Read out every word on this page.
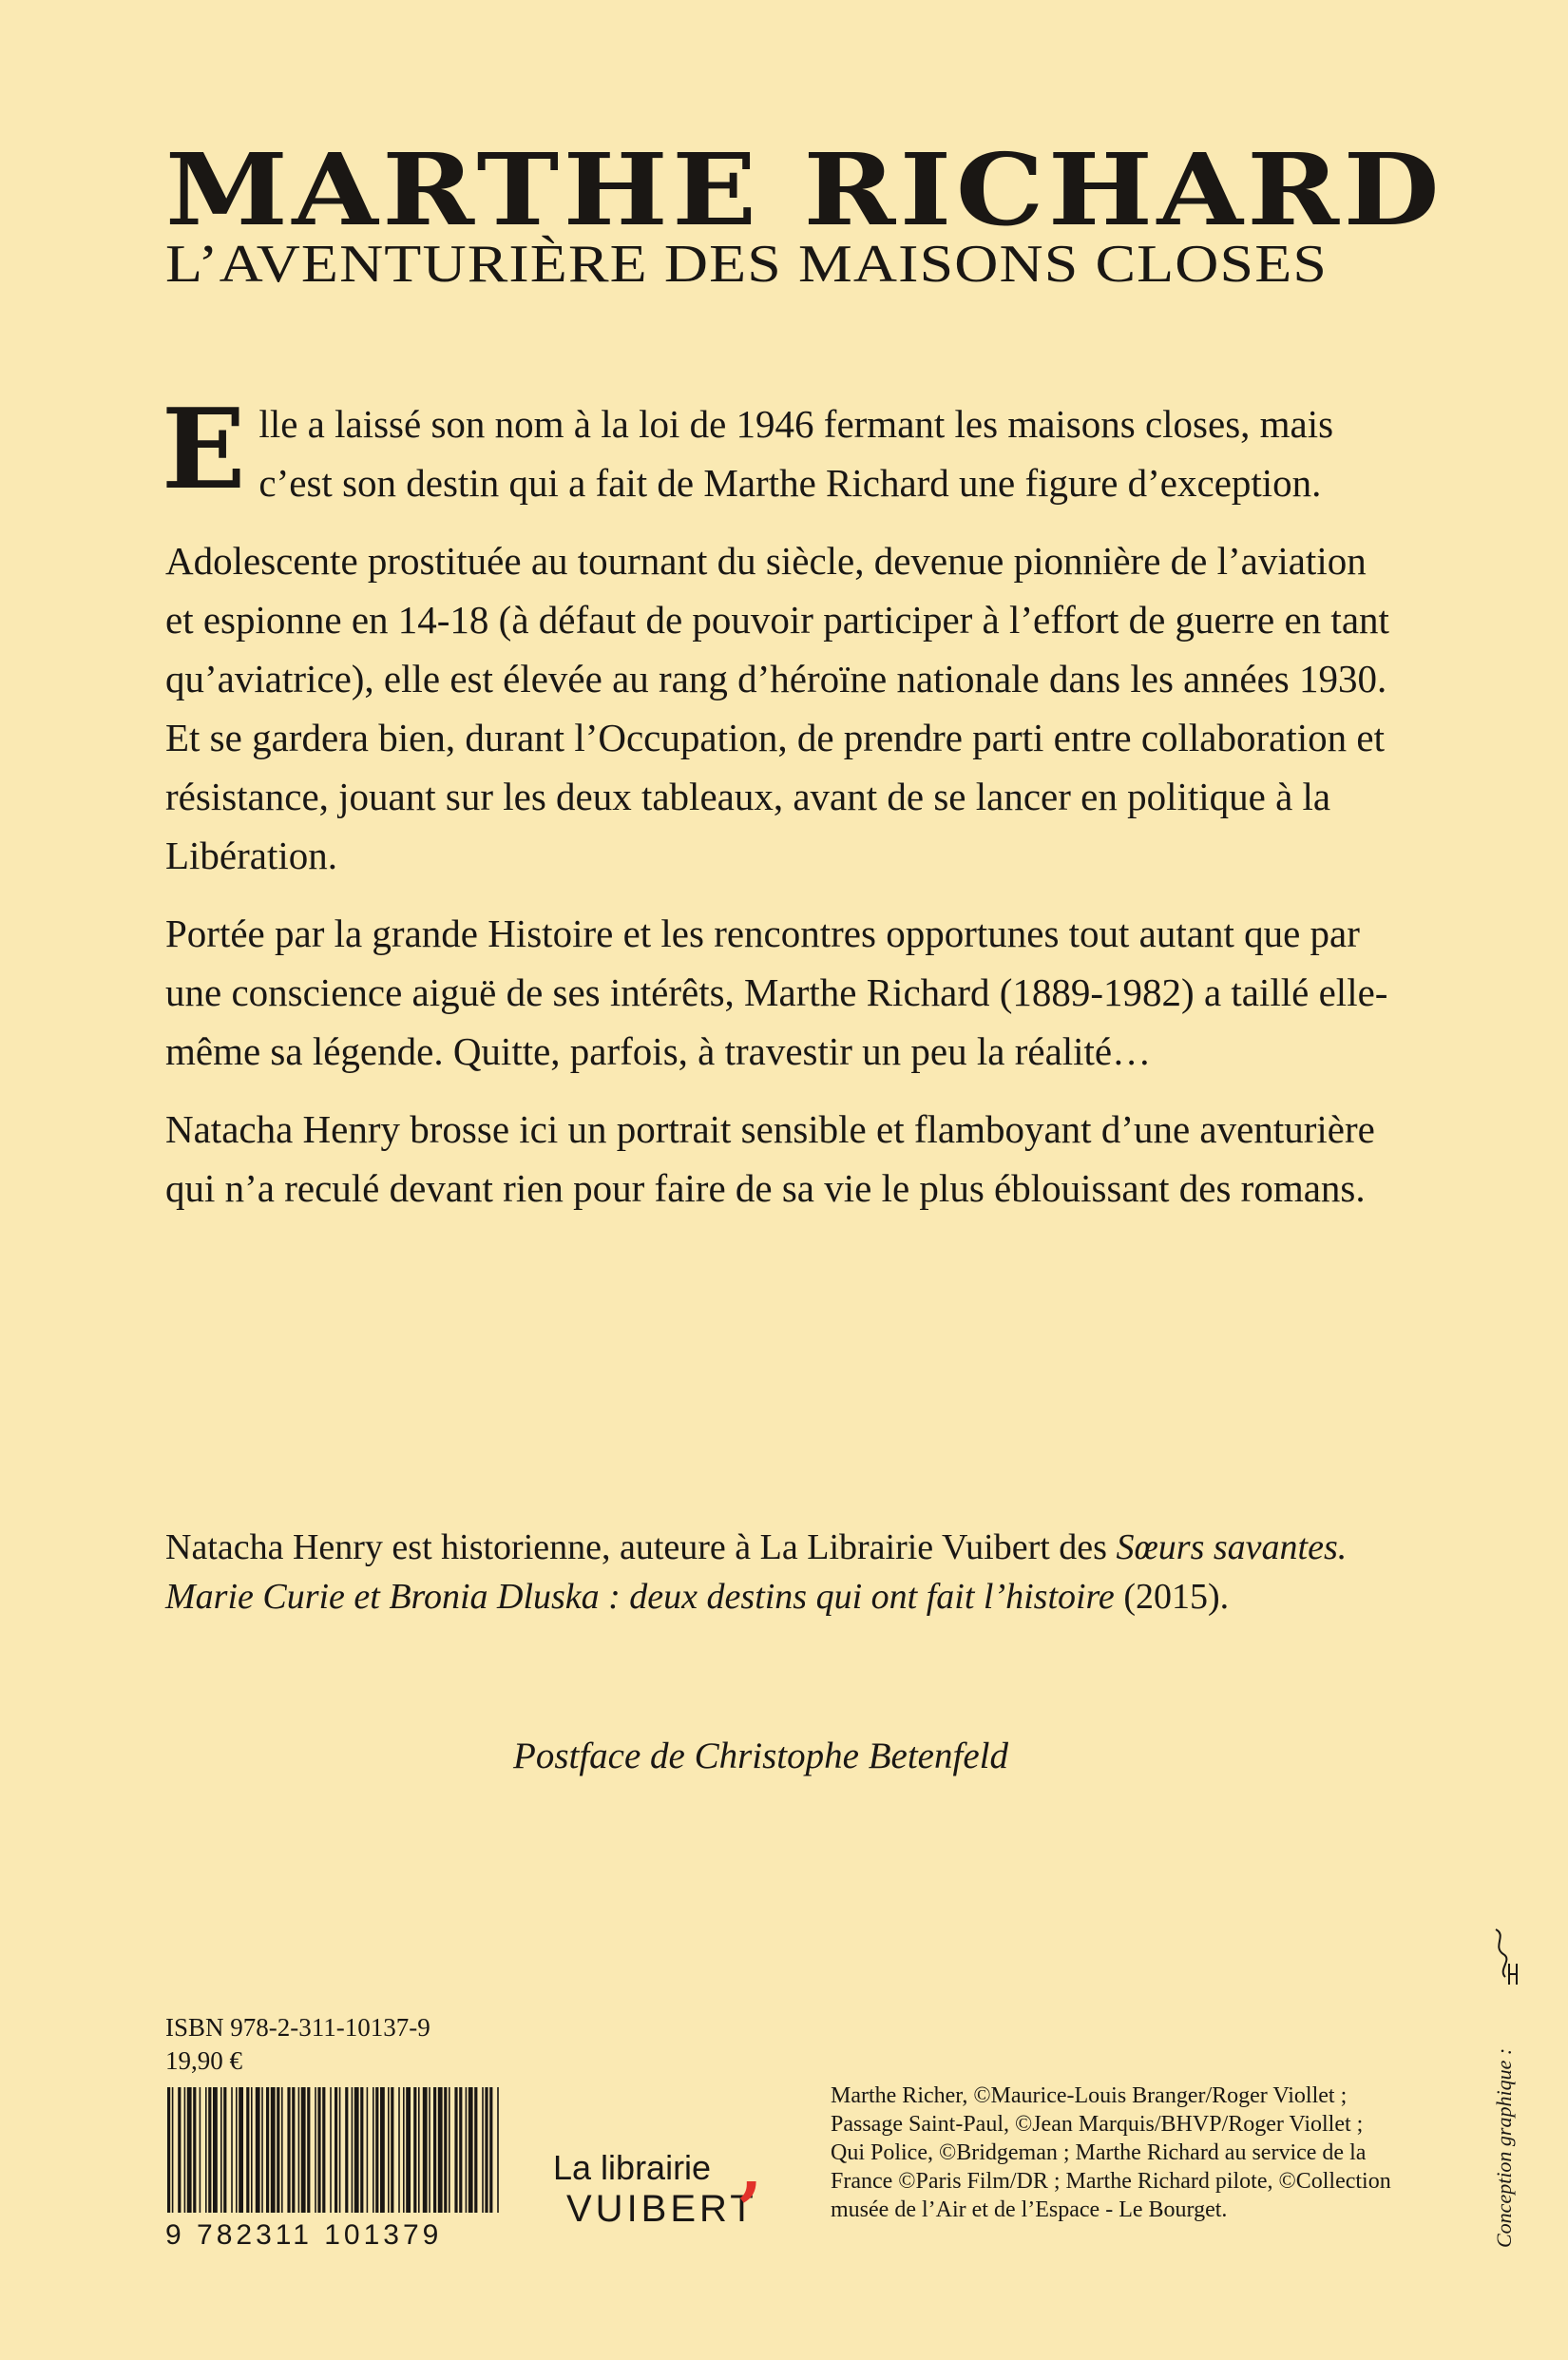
MARTHE RICHARD
L’AVENTURIÈRE DES MAISONS CLOSES

Elle a laissé son nom à la loi de 1946 fermant les maisons closes, mais c’est son destin qui a fait de Marthe Richard une figure d’exception.

Adolescente prostituée au tournant du siècle, devenue pionnière de l’aviation et espionne en 14-18 (à défaut de pouvoir participer à l’effort de guerre en tant qu’aviatrice), elle est élevée au rang d’héroïne nationale dans les années 1930. Et se gardera bien, durant l’Occupation, de prendre parti entre collaboration et résistance, jouant sur les deux tableaux, avant de se lancer en politique à la Libération.

Portée par la grande Histoire et les rencontres opportunes tout autant que par une conscience aiguë de ses intérêts, Marthe Richard (1889-1982) a taillé elle-même sa légende. Quitte, parfois, à travestir un peu la réalité…

Natacha Henry brosse ici un portrait sensible et flamboyant d’une aventurière qui n’a reculé devant rien pour faire de sa vie le plus éblouissant des romans.

Natacha Henry est historienne, auteure à La Librairie Vuibert des Sœurs savantes. Marie Curie et Bronia Dluska : deux destins qui ont fait l’histoire (2015).

Postface de Christophe Betenfeld

ISBN 978-2-311-10137-9
19,90 €
9 782311 101379
La librairie
VUIBERT
,

Marthe Richer, ©Maurice-Louis Branger/Roger Viollet ; Passage Saint-Paul, ©Jean Marquis/BHVP/Roger Viollet ; Qui Police, ©Bridgeman ; Marthe Richard au service de la France ©Paris Film/DR ; Marthe Richard pilote, ©Collection musée de l’Air et de l’Espace - Le Bourget.	Conception graphique :
